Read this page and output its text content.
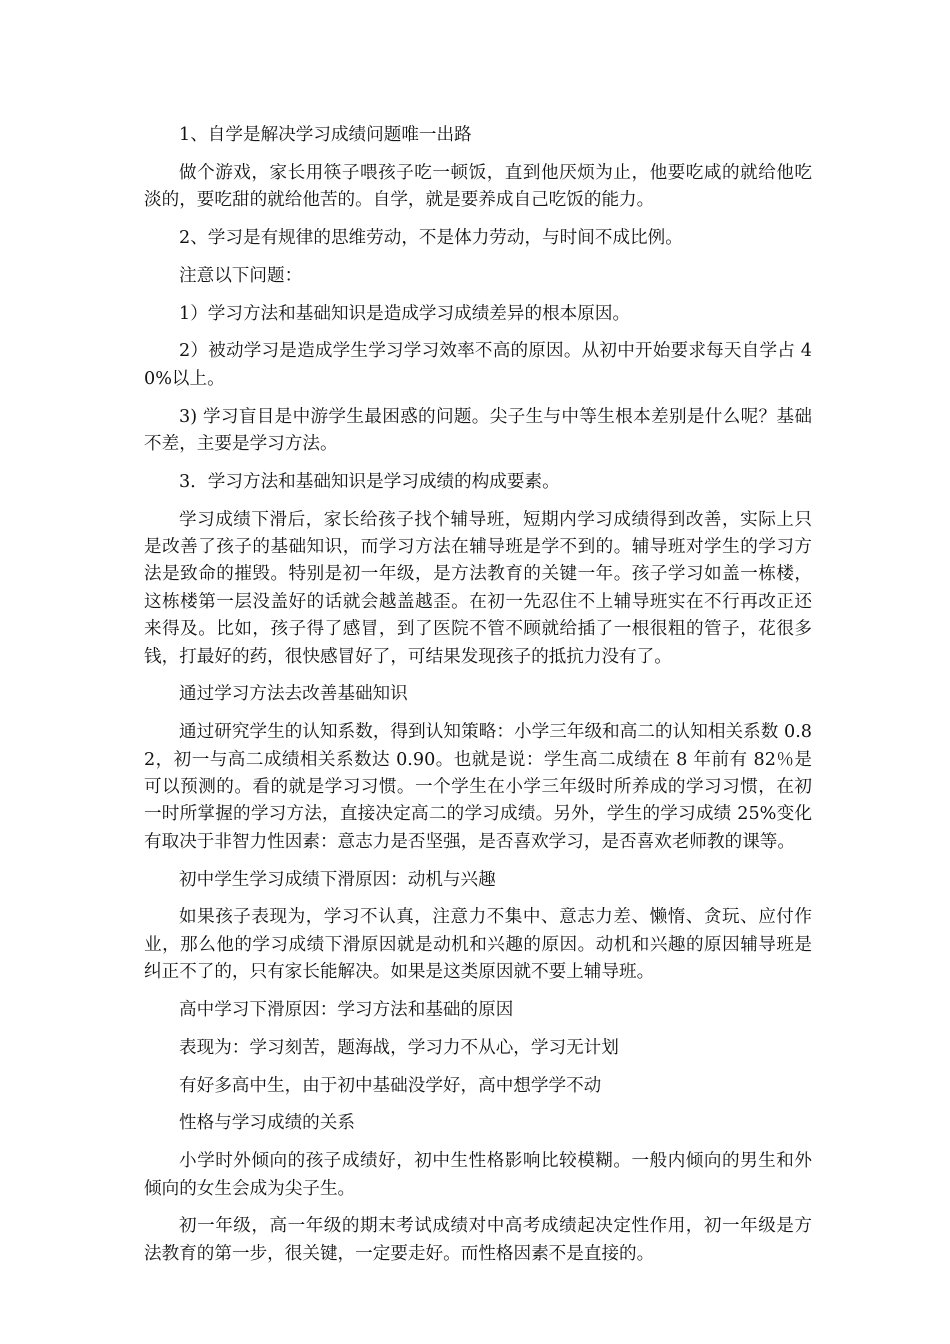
1、自学是解决学习成绩问题唯一出路

做个游戏，家长用筷子喂孩子吃一顿饭，直到他厌烦为止，他要吃咸的就给他吃淡的，要吃甜的就给他苦的。自学，就是要养成自己吃饭的能力。

2、学习是有规律的思维劳动，不是体力劳动，与时间不成比例。

注意以下问题：

1）学习方法和基础知识是造成学习成绩差异的根本原因。

2）被动学习是造成学生学习学习效率不高的原因。从初中开始要求每天自学占 40%以上。

3) 学习盲目是中游学生最困惑的问题。尖子生与中等生根本差别是什么呢？基础不差，主要是学习方法。

3．学习方法和基础知识是学习成绩的构成要素。

学习成绩下滑后，家长给孩子找个辅导班，短期内学习成绩得到改善，实际上只是改善了孩子的基础知识，而学习方法在辅导班是学不到的。辅导班对学生的学习方法是致命的摧毁。特别是初一年级，是方法教育的关键一年。孩子学习如盖一栋楼，这栋楼第一层没盖好的话就会越盖越歪。在初一先忍住不上辅导班实在不行再改正还来得及。比如，孩子得了感冒，到了医院不管不顾就给插了一根很粗的管子，花很多钱，打最好的药，很快感冒好了，可结果发现孩子的抵抗力没有了。

通过学习方法去改善基础知识

通过研究学生的认知系数，得到认知策略：小学三年级和高二的认知相关系数 0.82，初一与高二成绩相关系数达 0.90。也就是说：学生高二成绩在 8 年前有 82％是可以预测的。看的就是学习习惯。一个学生在小学三年级时所养成的学习习惯，在初一时所掌握的学习方法，直接决定高二的学习成绩。另外，学生的学习成绩 25%变化有取决于非智力性因素：意志力是否坚强，是否喜欢学习，是否喜欢老师教的课等。

初中学生学习成绩下滑原因：动机与兴趣

如果孩子表现为，学习不认真，注意力不集中、意志力差、懒惰、贪玩、应付作业，那么他的学习成绩下滑原因就是动机和兴趣的原因。动机和兴趣的原因辅导班是纠正不了的，只有家长能解决。如果是这类原因就不要上辅导班。

高中学习下滑原因：学习方法和基础的原因

表现为：学习刻苦，题海战，学习力不从心，学习无计划

有好多高中生，由于初中基础没学好，高中想学学不动

性格与学习成绩的关系

小学时外倾向的孩子成绩好，初中生性格影响比较模糊。一般内倾向的男生和外倾向的女生会成为尖子生。

初一年级，高一年级的期末考试成绩对中高考成绩起决定性作用，初一年级是方法教育的第一步，很关键，一定要走好。而性格因素不是直接的。
